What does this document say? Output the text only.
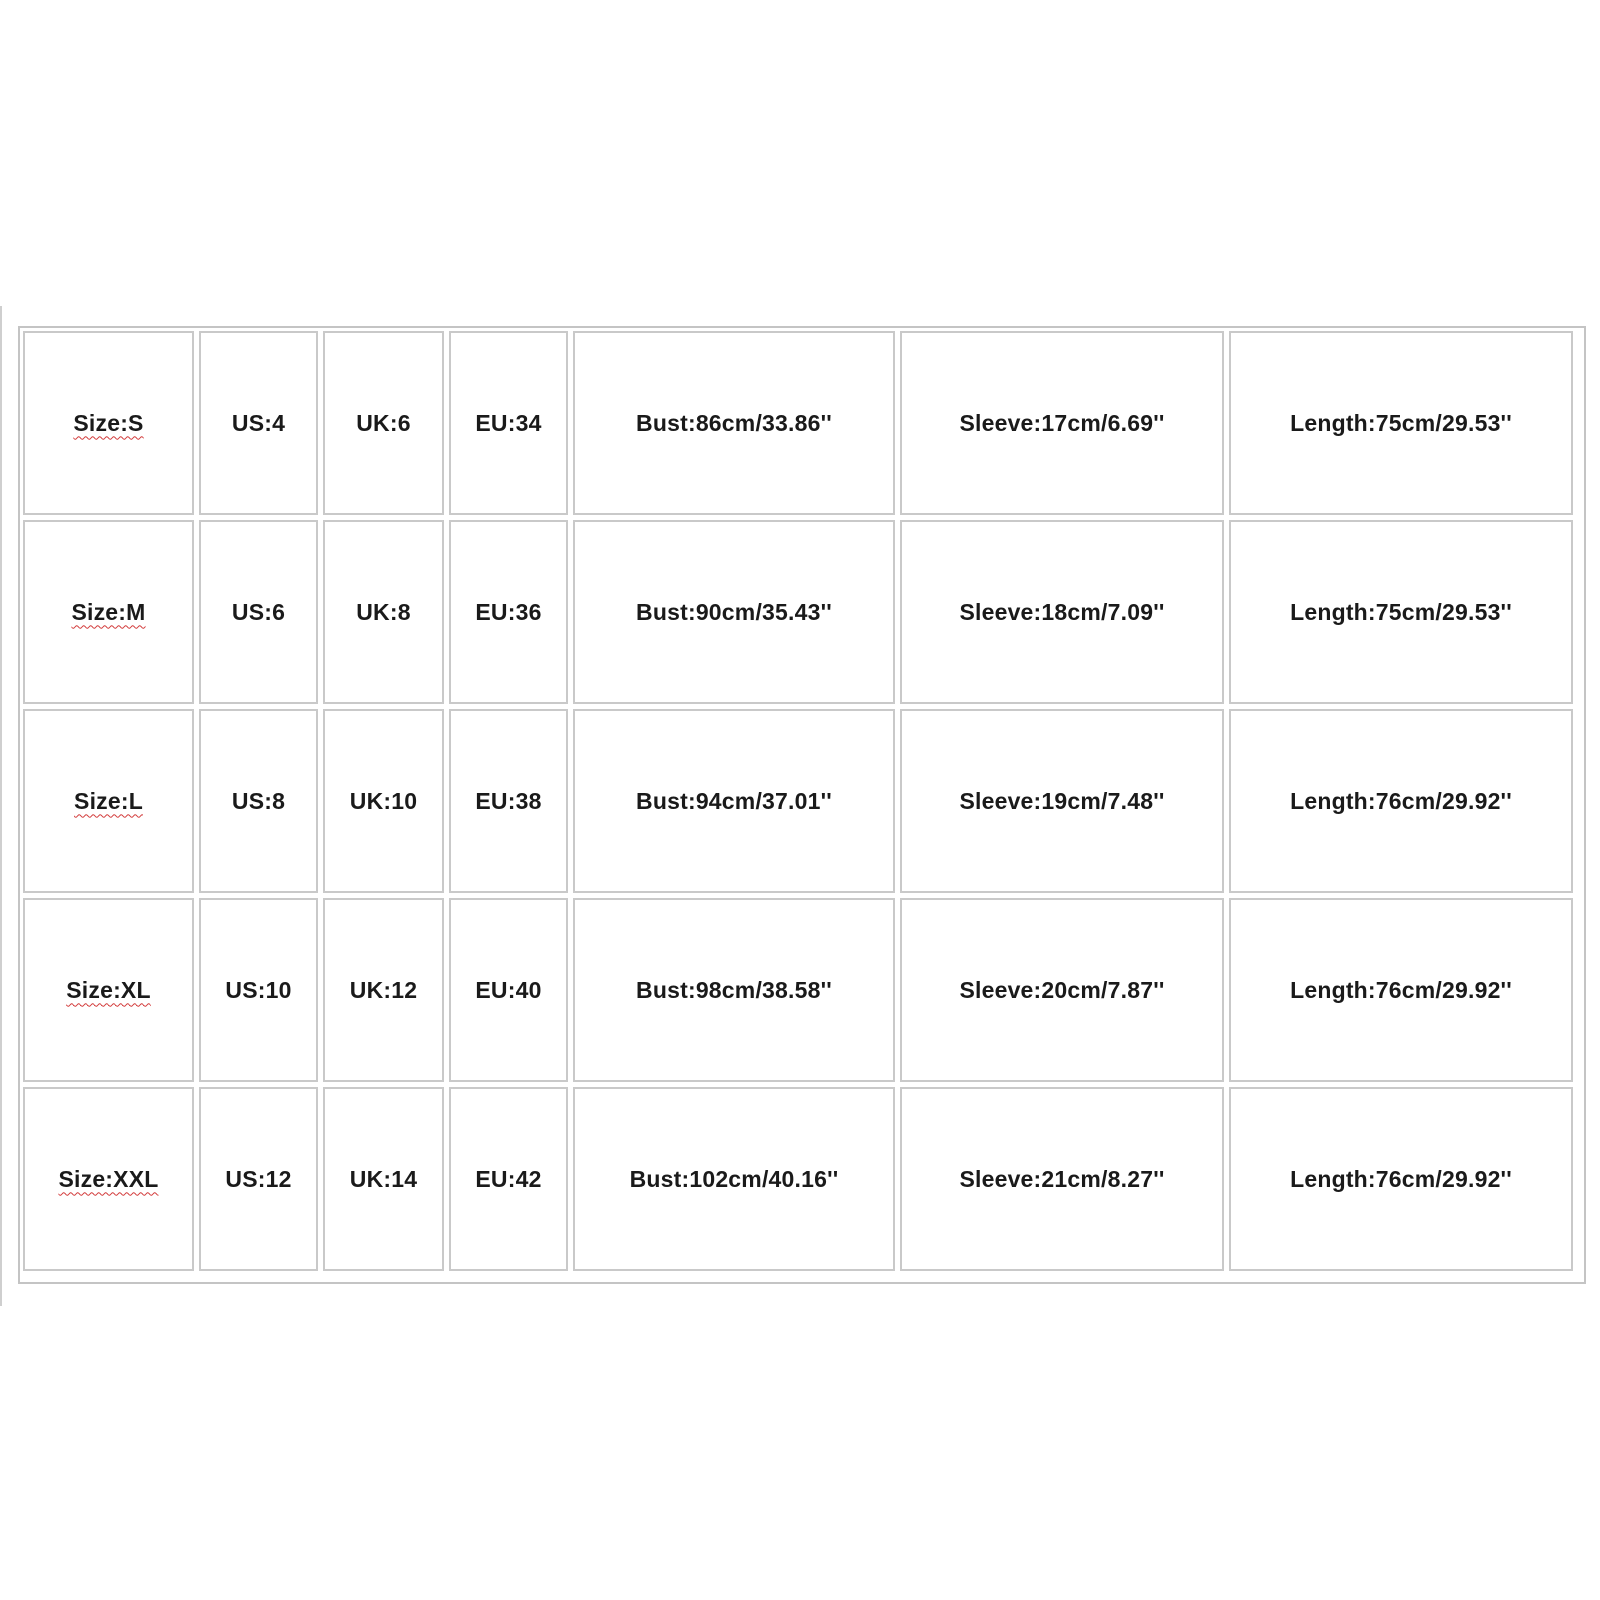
Size:S	US:4	UK:6	EU:34	Bust:86cm/33.86''	Sleeve:17cm/6.69''	Length:75cm/29.53''
Size:M	US:6	UK:8	EU:36	Bust:90cm/35.43''	Sleeve:18cm/7.09''	Length:75cm/29.53''
Size:L	US:8	UK:10	EU:38	Bust:94cm/37.01''	Sleeve:19cm/7.48''	Length:76cm/29.92''
Size:XL	US:10	UK:12	EU:40	Bust:98cm/38.58''	Sleeve:20cm/7.87''	Length:76cm/29.92''
Size:XXL	US:12	UK:14	EU:42	Bust:102cm/40.16''	Sleeve:21cm/8.27''	Length:76cm/29.92''
